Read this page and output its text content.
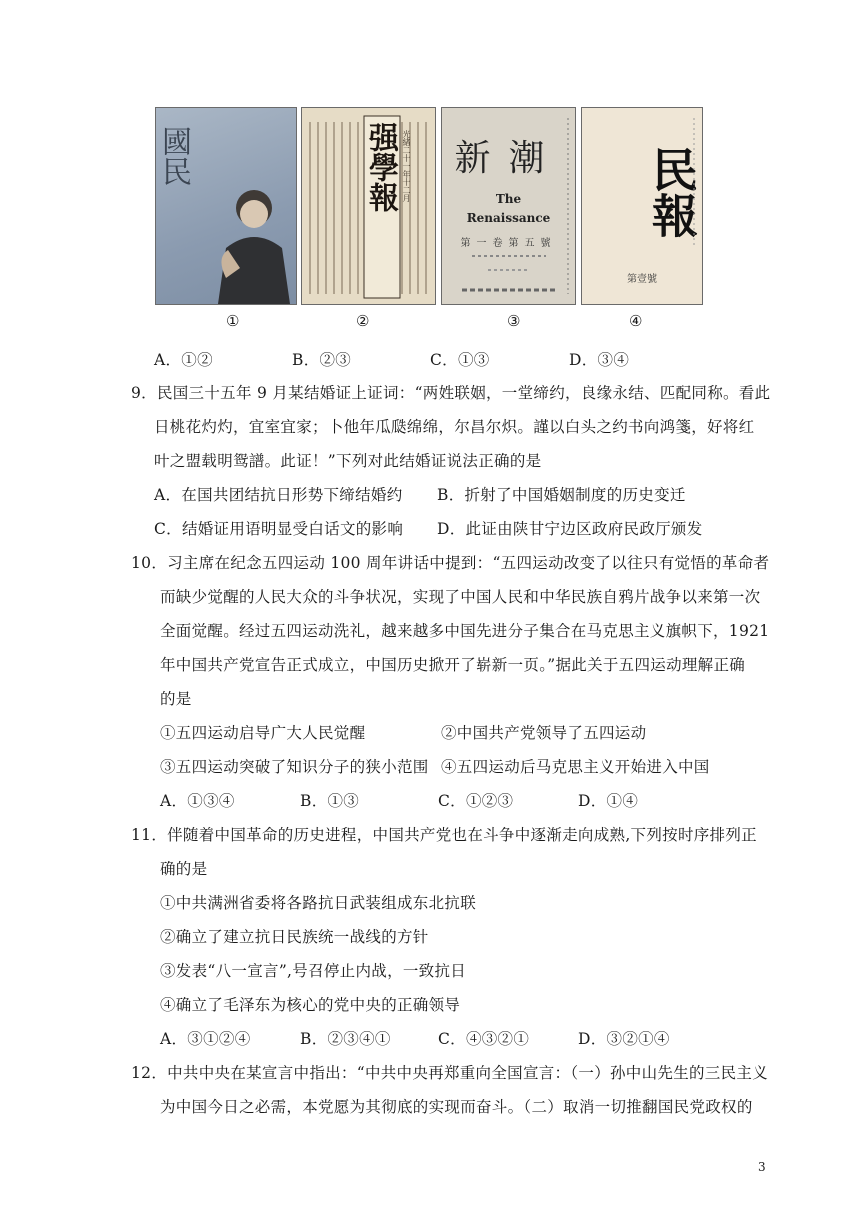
國民	强學報 光緒二十一年十二月	新潮
The
Renaissance
第一卷第五號
民報
第壹號
①	②	③	④
A．①②	B．②③	C．①③	D．③④
9．民国三十五年 9 月某结婚证上证词：“两姓联姻，一堂缔约，良缘永结、匹配同称。看此
日桃花灼灼，宜室宜家；卜他年瓜瓞绵绵，尔昌尔炽。謹以白头之约书向鸿箋，好将红
叶之盟载明鸳譜。此证！”下列对此结婚证说法正确的是
A．在国共团结抗日形势下缔结婚约 B．折射了中国婚姻制度的历史变迁
C．结婚证用语明显受白话文的影响 D．此证由陕甘宁边区政府民政厅颁发
10．习主席在纪念五四运动 100 周年讲话中提到：“五四运动改变了以往只有觉悟的革命者
而缺少觉醒的人民大众的斗争状况，实现了中国人民和中华民族自鸦片战争以来第一次
全面觉醒。经过五四运动洗礼，越来越多中国先进分子集合在马克思主义旗帜下，1921
年中国共产党宣告正式成立，中国历史掀开了崭新一页。”据此关于五四运动理解正确
的是
①五四运动启导广大人民觉醒	②中国共产党领导了五四运动
③五四运动突破了知识分子的狭小范围 ④五四运动后马克思主义开始进入中国
A．①③④	B．①③	C．①②③	D．①④
11．伴随着中国革命的历史进程，中国共产党也在斗争中逐渐走向成熟,下列按时序排列正
确的是
①中共满洲省委将各路抗日武装组成东北抗联
②确立了建立抗日民族统一战线的方针
③发表“八一宣言”,号召停止内战，一致抗日
④确立了毛泽东为核心的党中央的正确领导
A．③①②④	B．②③④①	C．④③②①	D．③②①④
12．中共中央在某宣言中指出：“中共中央再郑重向全国宣言：（一）孙中山先生的三民主义
为中国今日之必需，本党愿为其彻底的实现而奋斗。（二）取消一切推翻国民党政权的
3
